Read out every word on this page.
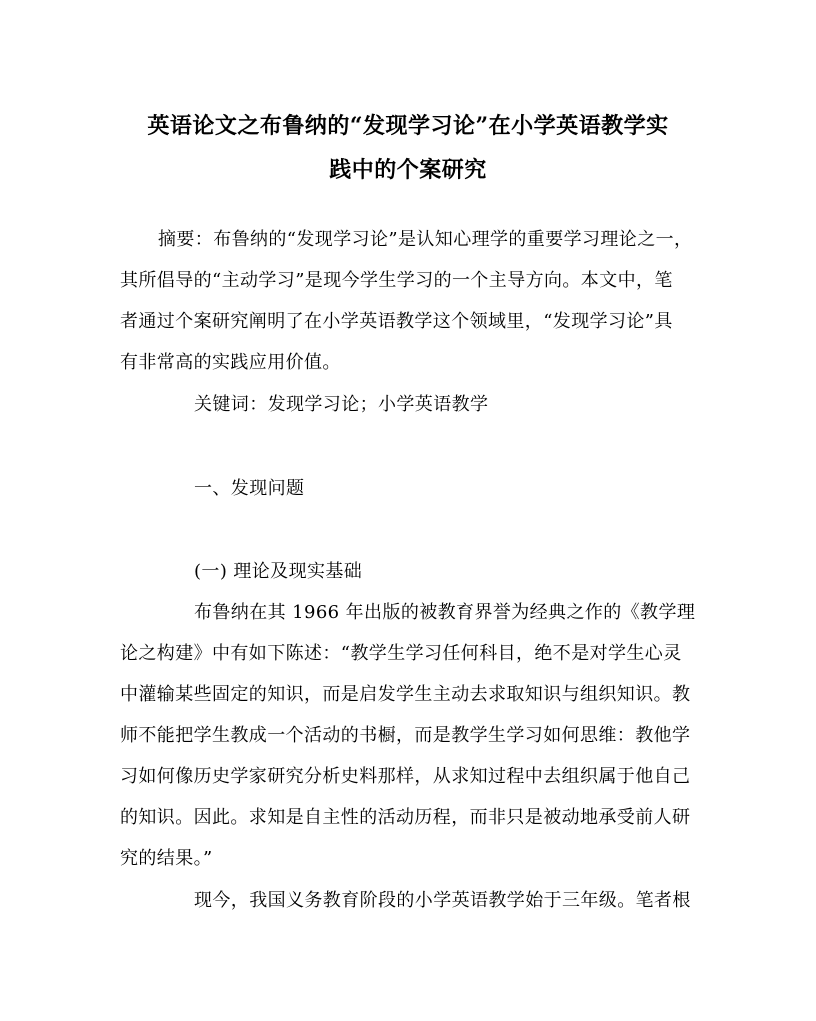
英语论文之布鲁纳的“发现学习论”在小学英语教学实
践中的个案研究

摘要：布鲁纳的“发现学习论”是认知心理学的重要学习理论之一，

其所倡导的“主动学习”是现今学生学习的一个主导方向。本文中，笔

者通过个案研究阐明了在小学英语教学这个领域里，“发现学习论”具

有非常高的实践应用价值。

关键词：发现学习论；小学英语教学

一、发现问题

(一) 理论及现实基础

布鲁纳在其 1966 年出版的被教育界誉为经典之作的《教学理

论之构建》中有如下陈述：“教学生学习任何科目，绝不是对学生心灵

中灌输某些固定的知识，而是启发学生主动去求取知识与组织知识。教

师不能把学生教成一个活动的书橱，而是教学生学习如何思维：教他学

习如何像历史学家研究分析史料那样，从求知过程中去组织属于他自己

的知识。因此。求知是自主性的活动历程，而非只是被动地承受前人研

究的结果。”

现今，我国义务教育阶段的小学英语教学始于三年级。笔者根
